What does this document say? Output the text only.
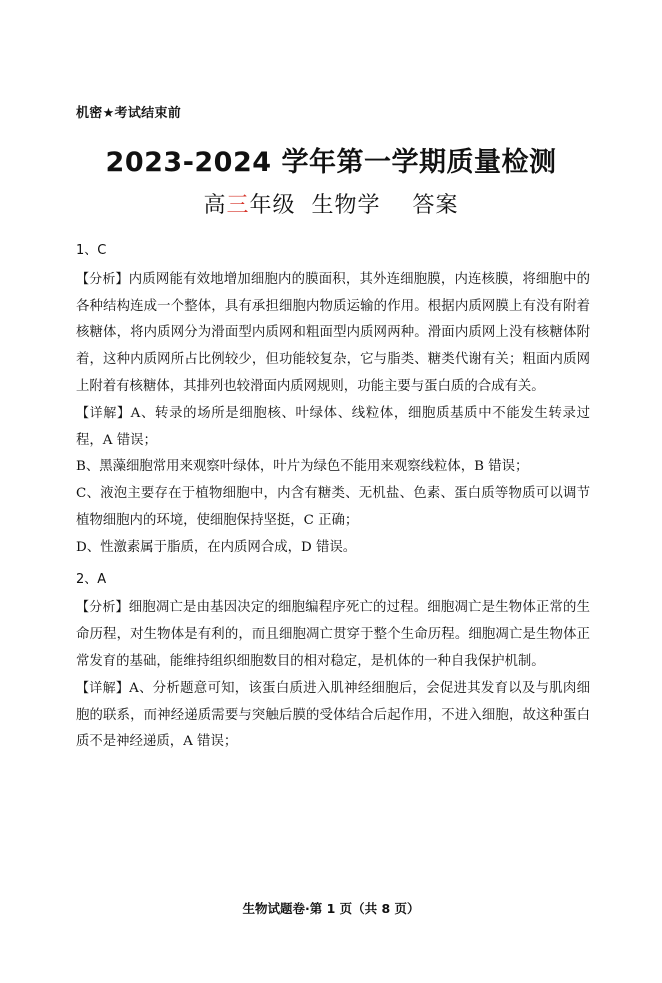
机密★考试结束前
2023-2024 学年第一学期质量检测
高三年级  生物学    答案

1、C

【分析】内质网能有效地增加细胞内的膜面积，其外连细胞膜，内连核膜，将细胞中的各种结构连成一个整体，具有承担细胞内物质运输的作用。根据内质网膜上有没有附着核糖体，将内质网分为滑面型内质网和粗面型内质网两种。滑面内质网上没有核糖体附着，这种内质网所占比例较少，但功能较复杂，它与脂类、糖类代谢有关；粗面内质网上附着有核糖体，其排列也较滑面内质网规则，功能主要与蛋白质的合成有关。

【详解】A、转录的场所是细胞核、叶绿体、线粒体，细胞质基质中不能发生转录过程，A 错误；

B、黑藻细胞常用来观察叶绿体，叶片为绿色不能用来观察线粒体，B 错误；

C、液泡主要存在于植物细胞中，内含有糖类、无机盐、色素、蛋白质等物质可以调节植物细胞内的环境，使细胞保持坚挺，C 正确；

D、性激素属于脂质，在内质网合成，D 错误。

2、A

【分析】细胞凋亡是由基因决定的细胞编程序死亡的过程。细胞凋亡是生物体正常的生命历程，对生物体是有利的，而且细胞凋亡贯穿于整个生命历程。细胞凋亡是生物体正常发育的基础，能维持组织细胞数目的相对稳定，是机体的一种自我保护机制。

【详解】A、分析题意可知，该蛋白质进入肌神经细胞后，会促进其发育以及与肌肉细胞的联系，而神经递质需要与突触后膜的受体结合后起作用，不进入细胞，故这种蛋白质不是神经递质，A 错误；

生物试题卷·第 1 页（共 8 页）
